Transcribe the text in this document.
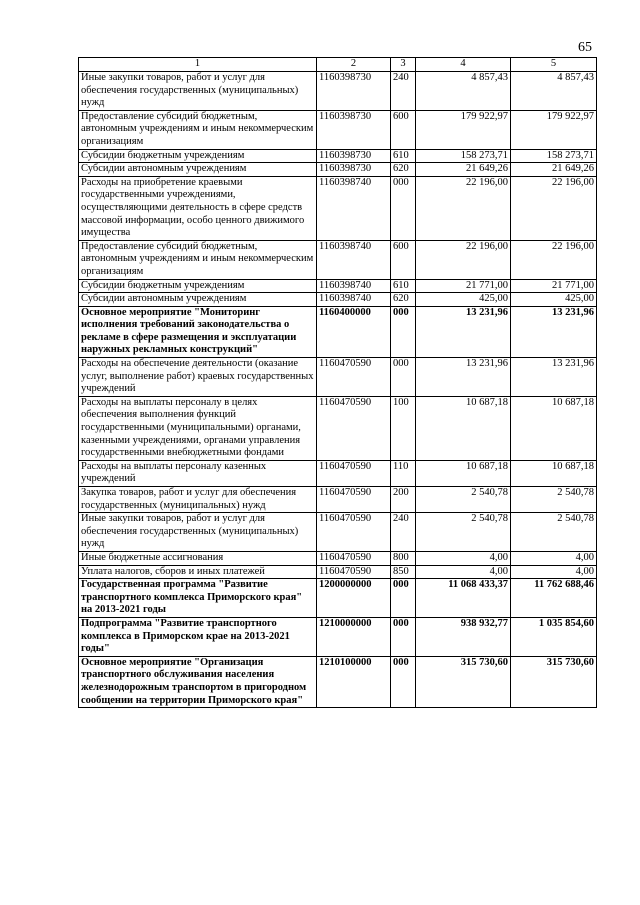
65
1	2	3	4	5
Иные закупки товаров, работ и услуг для обеспечения государственных (муниципальных) нужд	1160398730	240	4 857,43	4 857,43
Предоставление субсидий бюджетным, автономным учреждениям и иным некоммерческим организациям	1160398730	600	179 922,97	179 922,97
Субсидии бюджетным учреждениям	1160398730	610	158 273,71	158 273,71
Субсидии автономным учреждениям	1160398730	620	21 649,26	21 649,26
Расходы на приобретение краевыми государственными учреждениями, осуществляющими деятельность в сфере средств массовой информации, особо ценного движимого имущества	1160398740	000	22 196,00	22 196,00
Предоставление субсидий бюджетным, автономным учреждениям и иным некоммерческим организациям	1160398740	600	22 196,00	22 196,00
Субсидии бюджетным учреждениям	1160398740	610	21 771,00	21 771,00
Субсидии автономным учреждениям	1160398740	620	425,00	425,00
Основное мероприятие "Мониторинг исполнения требований законодательства о рекламе в сфере размещения и эксплуатации наружных рекламных конструкций"	1160400000	000	13 231,96	13 231,96
Расходы на обеспечение деятельности (оказание услуг, выполнение работ) краевых государственных учреждений	1160470590	000	13 231,96	13 231,96
Расходы на выплаты персоналу в целях обеспечения выполнения функций государственными (муниципальными) органами, казенными учреждениями, органами управления государственными внебюджетными фондами	1160470590	100	10 687,18	10 687,18
Расходы на выплаты персоналу казенных учреждений	1160470590	110	10 687,18	10 687,18
Закупка товаров, работ и услуг для обеспечения государственных (муниципальных) нужд	1160470590	200	2 540,78	2 540,78
Иные закупки товаров, работ и услуг для обеспечения государственных (муниципальных) нужд	1160470590	240	2 540,78	2 540,78
Иные бюджетные ассигнования	1160470590	800	4,00	4,00
Уплата налогов, сборов и иных платежей	1160470590	850	4,00	4,00
Государственная программа "Развитие транспортного комплекса Приморского края" на 2013-2021 годы	1200000000	000	11 068 433,37	11 762 688,46
Подпрограмма "Развитие транспортного комплекса в Приморском крае на 2013-2021 годы"	1210000000	000	938 932,77	1 035 854,60
Основное мероприятие "Организация транспортного обслуживания населения железнодорожным транспортом в пригородном сообщении на территории Приморского края"	1210100000	000	315 730,60	315 730,60
